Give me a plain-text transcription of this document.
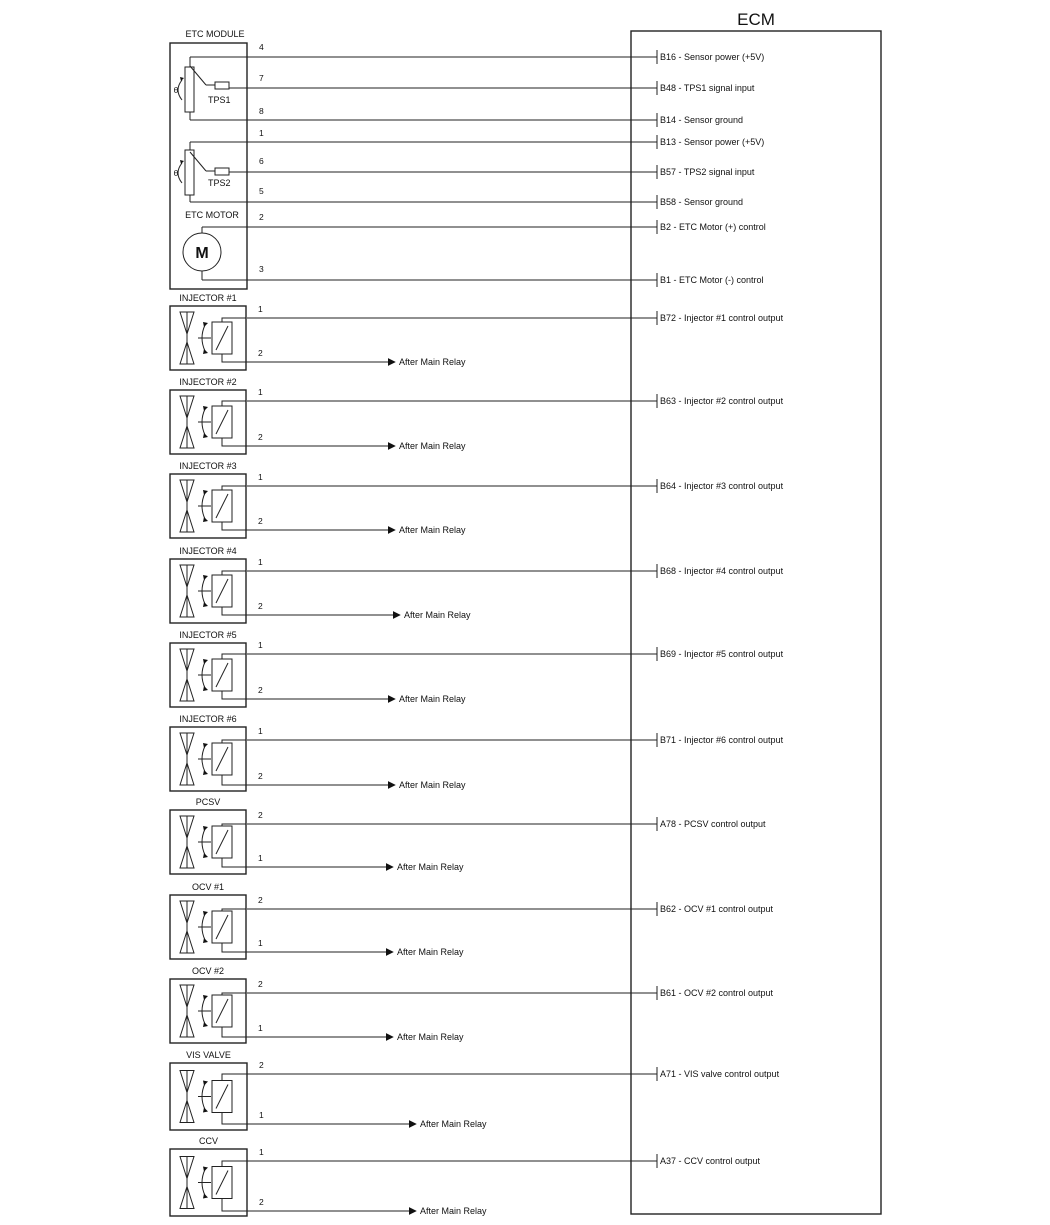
ECM
ETC MODULE
ETC MOTOR
θ
TPS1
θ
TPS2
M
4
7
8
1
6
5
2
3
INJECTOR #1
1
2
After Main Relay
INJECTOR #2
1
2
After Main Relay
INJECTOR #3
1
2
After Main Relay
INJECTOR #4
1
2
After Main Relay
INJECTOR #5
1
2
After Main Relay
INJECTOR #6
1
2
After Main Relay
PCSV
2
1
After Main Relay
OCV #1
2
1
After Main Relay
OCV #2
2
1
After Main Relay
VIS VALVE
2
1
After Main Relay
CCV
1
2
After Main Relay
B16 - Sensor power (+5V)
B48 - TPS1 signal input
B14 - Sensor ground
B13 - Sensor power (+5V)
B57 - TPS2 signal input
B58 - Sensor ground
B2 - ETC Motor (+) control
B1 - ETC Motor (-) control
B72 - Injector #1 control output
B63 - Injector #2 control output
B64 - Injector #3 control output
B68 - Injector #4 control output
B69 - Injector #5 control output
B71 - Injector #6 control output
A78 - PCSV control output
B62 - OCV #1 control output
B61 - OCV #2 control output
A71 - VIS valve control output
A37 - CCV control output
